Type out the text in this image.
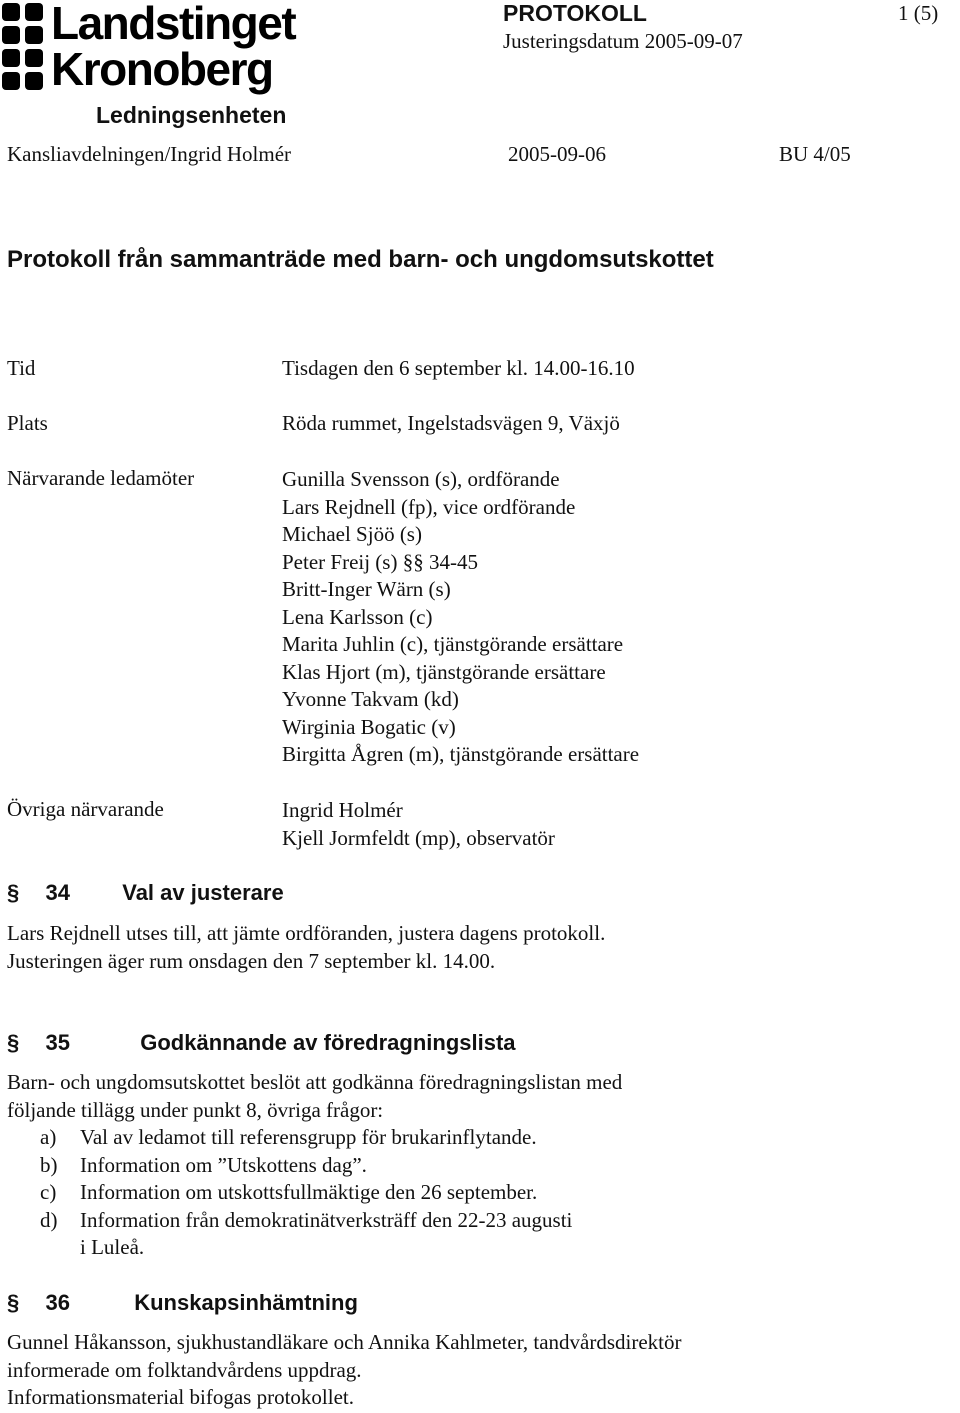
Landstinget
Kronoberg
PROTOKOLL	1 (5)
Justeringsdatum 2005-09-07
Ledningsenheten
Kansliavdelningen/Ingrid Holmér	2005-09-06	BU 4/05
Protokoll från sammanträde med barn- och ungdomsutskottet
Tid	Tisdagen den 6 september kl. 14.00-16.10
Plats	Röda rummet, Ingelstadsvägen 9, Växjö
Närvarande ledamöter	Gunilla Svensson (s), ordförande
Lars Rejdnell (fp), vice ordförande
Michael Sjöö (s)
Peter Freij (s) §§ 34-45
Britt-Inger Wärn (s)
Lena Karlsson (c)
Marita Juhlin (c), tjänstgörande ersättare
Klas Hjort (m), tjänstgörande ersättare
Yvonne Takvam (kd)
Wirginia Bogatic (v)
Birgitta Ågren (m), tjänstgörande ersättare
Övriga närvarande	Ingrid Holmér
Kjell Jormfeldt (mp), observatör
§ 34 Val av justerare
Lars Rejdnell utses till, att jämte ordföranden, justera dagens protokoll.
Justeringen äger rum onsdagen den 7 september kl. 14.00.
§ 35	Godkännande av föredragningslista
Barn- och ungdomsutskottet beslöt att godkänna föredragningslistan med
följande tillägg under punkt 8, övriga frågor:
a)	Val av ledamot till referensgrupp för brukarinflytande.
b)	Information om ”Utskottens dag”.
c)	Information om utskottsfullmäktige den 26 september.
d)	Information från demokratinätverksträff den 22-23 augusti
i Luleå.
§ 36	Kunskapsinhämtning
Gunnel Håkansson, sjukhustandläkare och Annika Kahlmeter, tandvårdsdirektör
informerade om folktandvårdens uppdrag.
Informationsmaterial bifogas protokollet.
